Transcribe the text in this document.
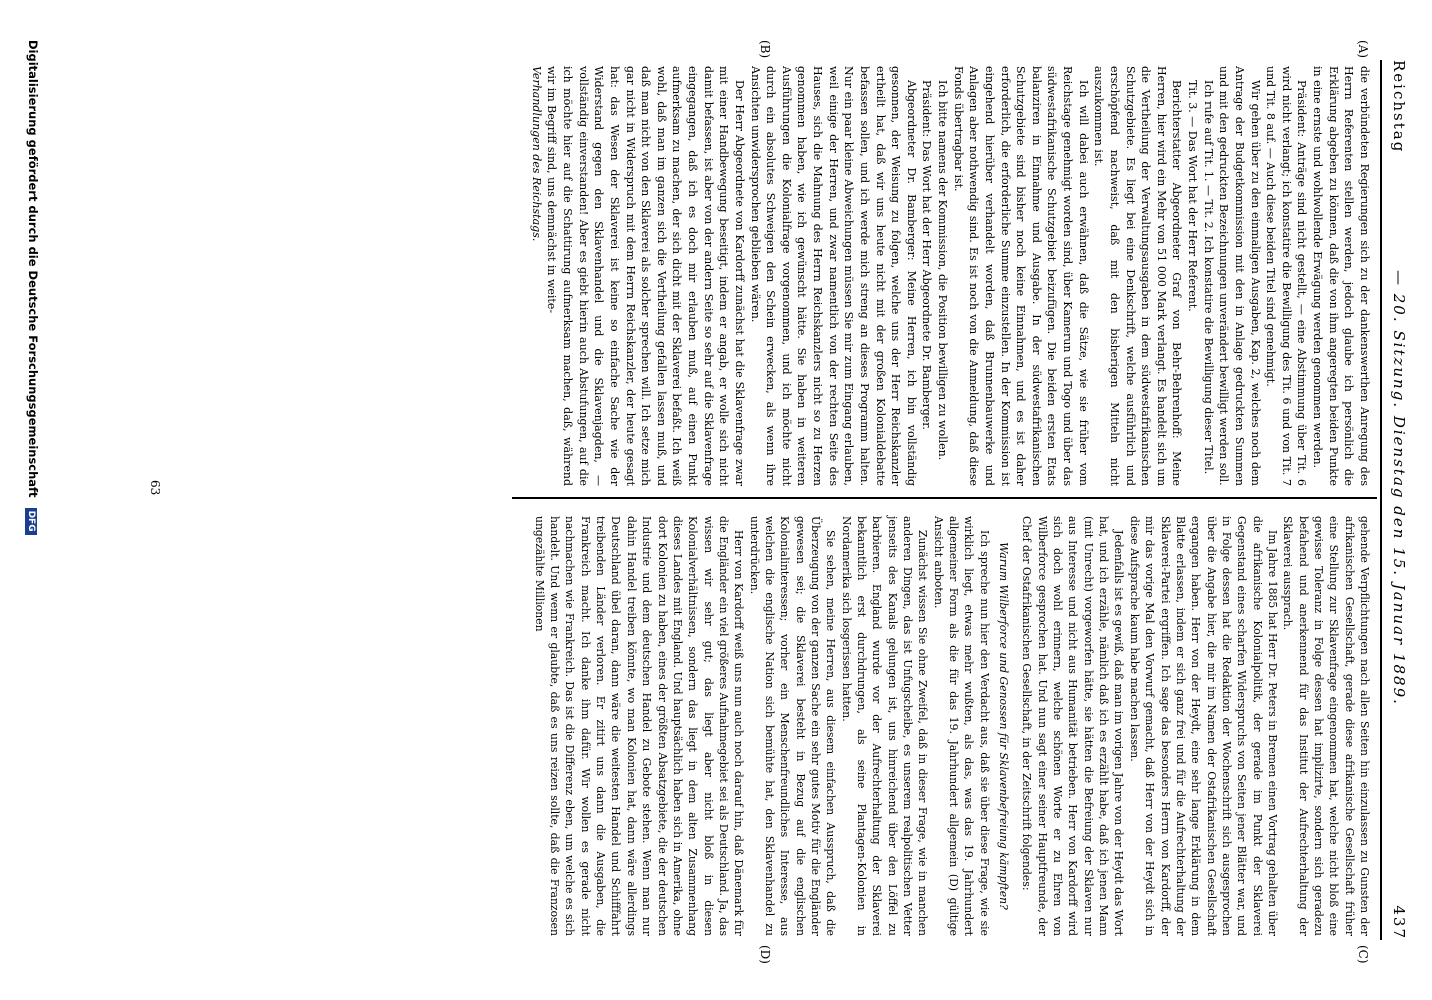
Reichstag
— 20. Sitzung. Dienstag den 15. Januar 1889.
437
(A)
(B)
(C)
(D)

die verbündeten Regierungen sich zu der dankenswerthen Anregung des Herrn Referenten stellen werden, jedoch glaube ich persönlich die Erklärung abgeben zu können, daß die von ihm angeregten beiden Punkte in eine ernste und wohlwollende Erwägung werden genommen werden.

Präsident: Anträge sind nicht gestellt, — eine Abstimmung über Tit. 6 wird nicht verlangt; ich konstatire die Bewilligung des Tit. 6 und von Tit. 7 und Tit. 8 auf. — Auch diese beiden Titel sind genehmigt.

Wir gehen über zu den einmaligen Ausgaben, Kap. 2, welches noch dem Antrage der Budgetkommission mit den in Anlage gedruckten Summen und mit den gedruckten Bezeichnungen unverändert bewilligt werden soll.

Ich rufe auf Tit. 1. — Tit. 2. Ich konstatire die Bewilligung dieser Titel.

Tit. 3. — Das Wort hat der Herr Referent.

Berichterstatter Abgeordneter Graf von Behr-Behrenhoff: Meine Herren, hier wird ein Mehr von 51 000 Mark verlangt. Es handelt sich um die Vertheilung der Verwaltungsausgaben in dem südwestafrikanischen Schutzgebiete. Es liegt bei eine Denkschrift, welche ausführlich und erschöpfend nachweist, daß mit den bisherigen Mitteln nicht auszukommen ist.

Ich will dabei auch erwähnen, daß die Sätze, wie sie früher vom Reichstage genehmigt worden sind, über Kamerun und Togo und über das südwestafrikanische Schutzgebiet beizufügen. Die beiden ersten Etats balanziren in Einnahme und Ausgabe. In der südwestafrikanischen Schutzgebiete sind bisher noch keine Einnahmen, und es ist daher erforderlich, die erforderliche Summe einzustellen. In der Kommission ist eingehend hierüber verhandelt worden, daß Brunnenbauwerke und Anlagen aber nothwendig sind. Es ist noch von die Anmeldung, daß diese Fonds übertragbar ist.

Ich bitte namens der Kommission, die Position bewilligen zu wollen.

Präsident: Das Wort hat der Herr Abgeordnete Dr. Bamberger.

Abgeordneter Dr. Bamberger: Meine Herren, ich bin vollständig gesonnen, der Weisung zu folgen, welche uns der Herr Reichskanzler ertheilt hat, daß wir uns heute nicht mit der großen Kolonialdebatte befassen sollen, und ich werde mich streng an dieses Programm halten. Nur ein paar kleine Abweichungen müssen Sie mir zum Eingang erlauben, weil einige der Herren, und zwar namentlich von der rechten Seite des Hauses, sich die Mahnung des Herrn Reichskanzlers nicht so zu Herzen genommen haben, wie ich gewünscht hätte. Sie haben in weiteren Ausführungen die Kolonialfrage vorgenommen, und ich möchte nicht durch ein absolutes Schweigen den Schein erwecken, als wenn ihre Ansichten unwidersprochen geblieben wären.

Der Herr Abgeordnete von Kardorff zunächst hat die Sklavenfrage zwar mit einer Handbewegung beseitigt, indem er angab, er wolle sich nicht damit befassen, ist aber von der andern Seite so sehr auf die Sklavenfrage eingegangen, daß ich es doch mir erlauben muß, auf einen Punkt aufmerksam zu machen, der sich dicht mit der Sklaverei befaßt. Ich weiß wohl, daß man im ganzen sich die Vertheilung gefallen lassen muß, und daß man nicht von den Sklaverei als solcher sprechen will. Ich setze mich gar nicht in Widerspruch mit dem Herrn Reichskanzler, der heute gesagt hat: das Wesen der Sklaverei ist keine so einfache Sache wie der Widerstand gegen den Sklavenhandel und die Sklavenjagden, — vollständig einverstanden! Aber es giebt hierin auch Abstufungen, auf die ich möchte hier auf die Schattirung aufmerksam machen, daß, während wir im Begriff sind, uns demnächst in weite-

Verhandlungen des Reichstags.

gehende Verpflichtungen nach allen Seiten hin einzulassen zu Gunsten der afrikanischen Gesellschaft, gerade diese afrikanische Gesellschaft früher eine Stellung zur Sklavenfrage eingenommen hat, welche nicht bloß eine gewisse Toleranz in Folge dessen hat implizirte, sondern sich geradezu befahend und anerkennend für das Institut der Aufrechterhaltung der Sklaverei aussprach.

Im Jahre 1885 hat Herr Dr. Peters in Bremen einen Vortrag gehalten über die afrikanische Kolonialpolitik, der gerade im Punkt der Sklaverei Gegenstand eines scharfen Widerspruchs von Seiten jener Blätter war, und in Folge dessen hat die Redaktion der Wochenschrift sich ausgesprochen über die Angabe hier, die mir im Namen der Ostafrikanischen Gesellschaft ergangen haben. Herr von der Heydt, eine sehr lange Erklärung in dem Blatte erlassen, indem er sich ganz frei und für die Aufrechterhaltung der Sklaverei-Partei ergriffen. Ich sage das besonders Herrn von Kardorff, der mir das vorige Mal den Vorwurf gemacht, daß Herr von der Heydt sich in diese Aufsprache kaum habe machen lassen.

Jedenfalls ist es gewiß, daß man im vorigen Jahre von der Heydt das Wort hat, und ich erzähle, nämlich daß ich es erzählt habe, daß ich jenen Mann (mit Unrecht) vorgeworfen hätte, sie hätten die Befreiung der Sklaven nur aus Interesse und nicht aus Humanität betrieben. Herr von Kardorff wird sich doch wohl erinnern, welche schönen Worte er zu Ehren von Wilberforce gesprochen hat. Und nun sagt einer seiner Hauptfreunde, der Chef der Ostafrikanischen Gesellschaft, in der Zeitschrift folgendes:

Warum Wilberforce und Genossen für Sklavenbefreiung kämpften?

Ich spreche nun hier den Verdacht aus, daß sie über diese Frage, wie sie wirklich liegt, etwas mehr wußten, als das, was das 19. Jahrhundert allgemeiner Form als die für das 19. Jahrhundert allgemein (D) gültige Ansicht anboten.

Zunächst wissen Sie ohne Zweifel, daß in dieser Frage, wie in manchen anderen Dingen, das ist Unfugscheibe, es unserem realpolitischen Vetter jenseits des Kanals gelungen ist, uns hinreichend über den Löffel zu barbieren. England wurde vor der Aufrechterhaltung der Sklaverei bekanntlich erst durchdrungen, als seine Plantagen-Kolonien in Nordamerika sich losgerissen hatten.

Sie sehen, meine Herren, aus diesem einfachen Ausspruch, daß die Überzeugung von der ganzen Sache ein sehr gutes Motiv für die Engländer gewesen sei; die Sklaverei besteht in Bezug auf die englischen Kolonialinteressen; vorher ein Menschenfreundliches Interesse, aus welchen die englische Nation sich bemühte hat, den Sklavenhandel zu unterdrücken.

Herr von Kardorff weiß uns nun auch noch darauf hin, daß Dänemark für die Engländer ein viel größeres Aufnahmegebiet sei als Deutschland. Ja, das wissen wir sehr gut; das liegt aber nicht bloß in diesen Kolonialverhältnissen, sondern das liegt in dem alten Zusammenhang dieses Landes mit England. Und hauptsächlich haben sich in Amerika, ohne dort Kolonien zu haben, eines der größten Absatzgebiete, die der deutschen Industrie und dem deutschen Handel zu Gebote stehen. Wenn man nur dahin Handel treiben könnte, wo man Kolonien hat, dann wäre allerdings Deutschland übel daran, dann wäre die weitesten Handel und Schifffahrt treibenden Länder verloren. Er zitirt uns dann die Ausgaben, die Frankreich macht. Ich danke ihm dafür. Wir wollen es gerade nicht nachmachen wie Frankreich. Das ist die Differenz eben, um welche es sich handelt. Und wenn er glaubte, daß es uns reizen sollte, daß die Franzosen ungezählte Millionen

63
Digitalisierung gefördert durch die Deutsche Forschungsgemeinschaft DFG
